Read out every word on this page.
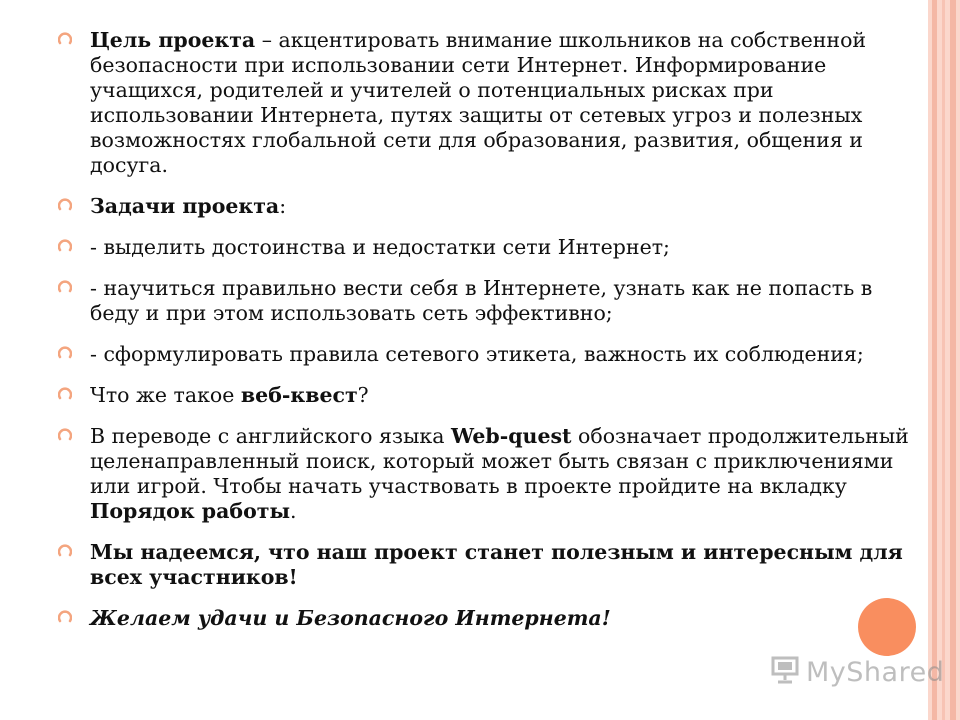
Цель проекта – акцентировать внимание школьников на собственной безопасности при использовании сети Интернет. Информирование учащихся, родителей и учителей о потенциальных рисках при использовании Интернета, путях защиты от сетевых угроз и полезных возможностях глобальной сети для образования, развития, общения и досуга.
Задачи проекта:
- выделить достоинства и недостатки сети Интернет;
- научиться правильно вести себя в Интернете, узнать как не попасть в беду и при этом использовать сеть эффективно;
- сформулировать правила сетевого этикета, важность их соблюдения;
Что же такое веб-квест?
В переводе с английского языка Web-quest обозначает продолжительный целенаправленный поиск, который может быть связан с приключениями или игрой. Чтобы начать участвовать в проекте пройдите на вкладку Порядок работы.
Мы надеемся, что наш проект станет полезным и интересным для всех участников!
Желаем удачи и Безопасного Интернета!
MyShared
